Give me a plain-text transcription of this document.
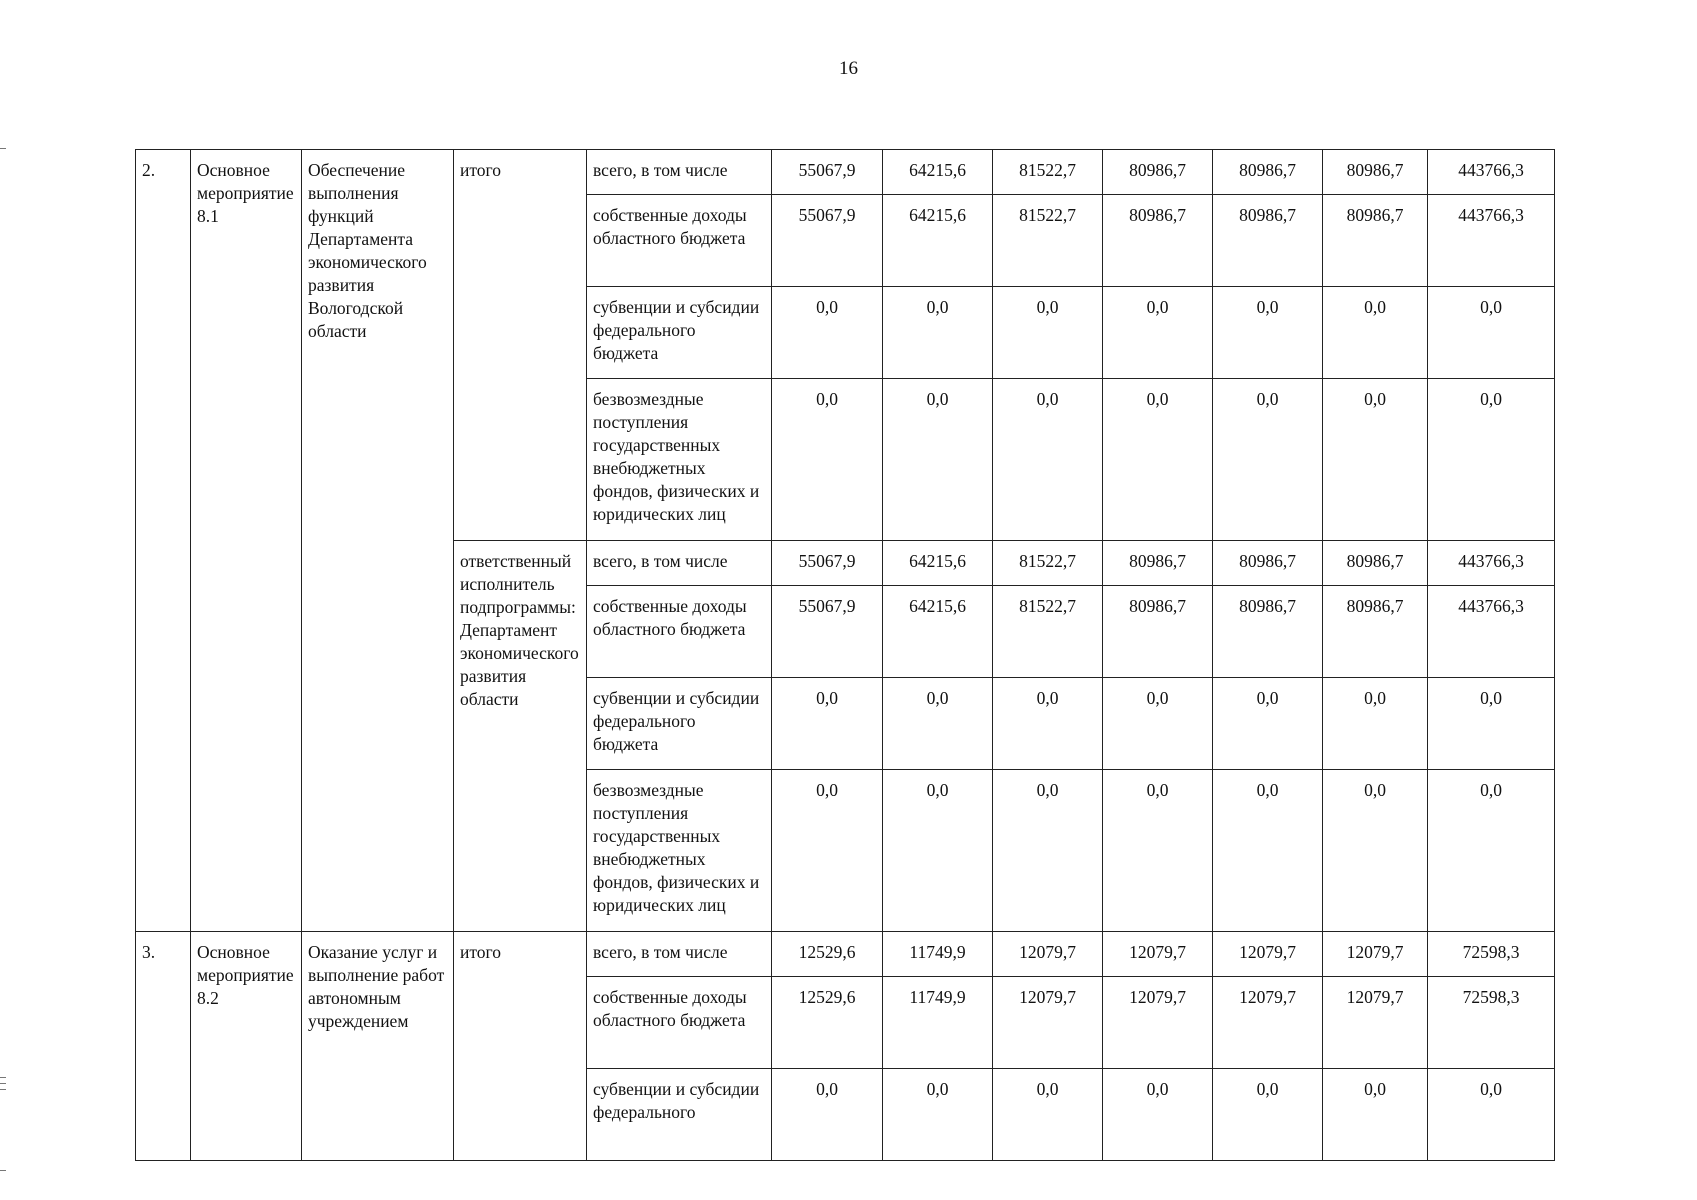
16
2.	Основное мероприятие 8.1	Обеспечение выполнения функций Департамента экономического развития Вологодской области	итого	всего, в том числе	55067,9	64215,6	81522,7	80986,7	80986,7	80986,7	443766,3
				собственные доходы областного бюджета	55067,9	64215,6	81522,7	80986,7	80986,7	80986,7	443766,3
				субвенции и субсидии федерального бюджета	0,0	0,0	0,0	0,0	0,0	0,0	0,0
				безвозмездные поступления государственных внебюджетных фондов, физических и юридических лиц	0,0	0,0	0,0	0,0	0,0	0,0	0,0
			ответственный исполнитель подпрограммы: Департамент экономического развития области	всего, в том числе	55067,9	64215,6	81522,7	80986,7	80986,7	80986,7	443766,3
				собственные доходы областного бюджета	55067,9	64215,6	81522,7	80986,7	80986,7	80986,7	443766,3
				субвенции и субсидии федерального бюджета	0,0	0,0	0,0	0,0	0,0	0,0	0,0
				безвозмездные поступления государственных внебюджетных фондов, физических и юридических лиц	0,0	0,0	0,0	0,0	0,0	0,0	0,0
3.	Основное мероприятие 8.2	Оказание услуг и выполнение работ автономным учреждением	итого	всего, в том числе	12529,6	11749,9	12079,7	12079,7	12079,7	12079,7	72598,3
				собственные доходы областного бюджета	12529,6	11749,9	12079,7	12079,7	12079,7	12079,7	72598,3
				субвенции и субсидии федерального	0,0	0,0	0,0	0,0	0,0	0,0	0,0
